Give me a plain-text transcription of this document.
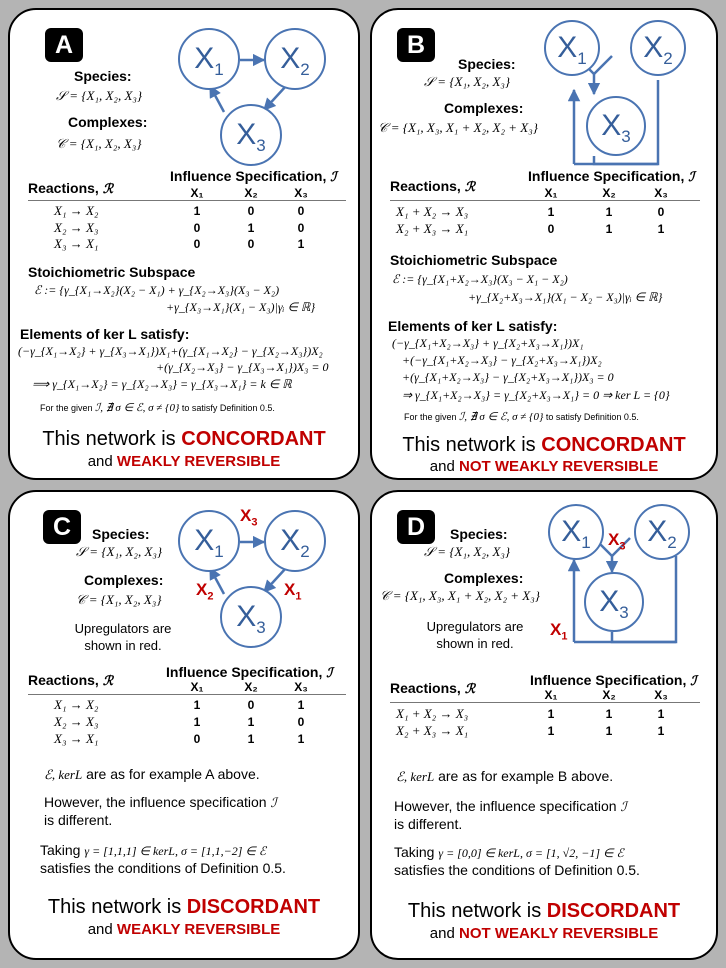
A	$X_1$	$X_2$
$X_3$
Species:
𝒮 = {X₁, X₂, X₃}
Complexes:
𝒞 = {X₁, X₂, X₃}
Influence Specification, ℐ
Reactions, ℛ	X₁	X₂	X₃
X₁ → X₂	1	0	0
X₂ → X₃	0	1	0
X₃ → X₁	0	0	1
Stoichiometric Subspace
ℰ := {γ_{X₁→X₂}(X₂ − X₁) + γ_{X₂→X₃}(X₃ − X₂)
+γ_{X₃→X₁}(X₁ − X₃)|γᵢ ∈ ℝ}
Elements of ker L satisfy:
(−γ_{X₁→X₂} + γ_{X₃→X₁})X₁+(γ_{X₁→X₂} − γ_{X₂→X₃})X₂
+(γ_{X₂→X₃} − γ_{X₃→X₁})X₃ = 0
⟹ γ_{X₁→X₂} = γ_{X₂→X₃} = γ_{X₃→X₁} = k ∈ ℝ
For the given ℐ, ∄ σ ∈ ℰ, σ ≠ {0} to satisfy Definition 0.5.
This network is CONCORDANT
and WEAKLY REVERSIBLE
B	$X_1$	$X_2$
$X_3$
Species:
𝒮 = {X₁, X₂, X₃}
Complexes:
𝒞 = {X₁, X₃, X₁ + X₂, X₂ + X₃}
Influence Specification, ℐ
Reactions, ℛ	X₁	X₂	X₃
X₁ + X₂ → X₃	1	1	0
X₂ + X₃ → X₁	0	1	1
Stoichiometric Subspace
ℰ := {γ_{X₁+X₂→X₃}(X₃ − X₁ − X₂)
+γ_{X₂+X₃→X₁}(X₁ − X₂ − X₃)|γᵢ ∈ ℝ}
Elements of ker L satisfy:
(−γ_{X₁+X₂→X₃} + γ_{X₂+X₃→X₁})X₁
+(−γ_{X₁+X₂→X₃} − γ_{X₂+X₃→X₁})X₂
+(γ_{X₁+X₂→X₃} − γ_{X₂+X₃→X₁})X₃ = 0
⇒ γ_{X₁+X₂→X₃} = γ_{X₂+X₃→X₁} = 0 ⇒ ker L = {0}
For the given ℐ, ∄ σ ∈ ℰ, σ ≠ {0} to satisfy Definition 0.5.
This network is CONCORDANT
and NOT WEAKLY REVERSIBLE
C	$X_1$	$X_2$
$X_3$
$X_3$
$X_2$	$X_1$
Species:
𝒮 = {X₁, X₂, X₃}
Complexes:
𝒞 = {X₁, X₂, X₃}
Upregulators are
shown in red.
Influence Specification, ℐ
Reactions, ℛ	X₁	X₂	X₃
X₁ → X₂	1	0	1
X₂ → X₃	1	1	0
X₃ → X₁	0	1	1
ℰ, kerL are as for example A above.
However, the influence specification ℐ
is different.
Taking γ = [1,1,1] ∈ kerL, σ = [1,1,−2] ∈ ℰ
satisfies the conditions of Definition 0.5.
This network is DISCORDANT
and WEAKLY REVERSIBLE
D	$X_1$	$X_2$
$X_3$
$X_3$
$X_1$
Species:
𝒮 = {X₁, X₂, X₃}
Complexes:
𝒞 = {X₁, X₃, X₁ + X₂, X₂ + X₃}
Upregulators are
shown in red.
Influence Specification, ℐ
Reactions, ℛ	X₁	X₂	X₃
X₁ + X₂ → X₃	1	1	1
X₂ + X₃ → X₁	1	1	1
ℰ, kerL are as for example B above.
However, the influence specification ℐ
is different.
Taking γ = [0,0] ∈ kerL, σ = [1, √2, −1] ∈ ℰ
satisfies the conditions of Definition 0.5.
This network is DISCORDANT
and NOT WEAKLY REVERSIBLE
